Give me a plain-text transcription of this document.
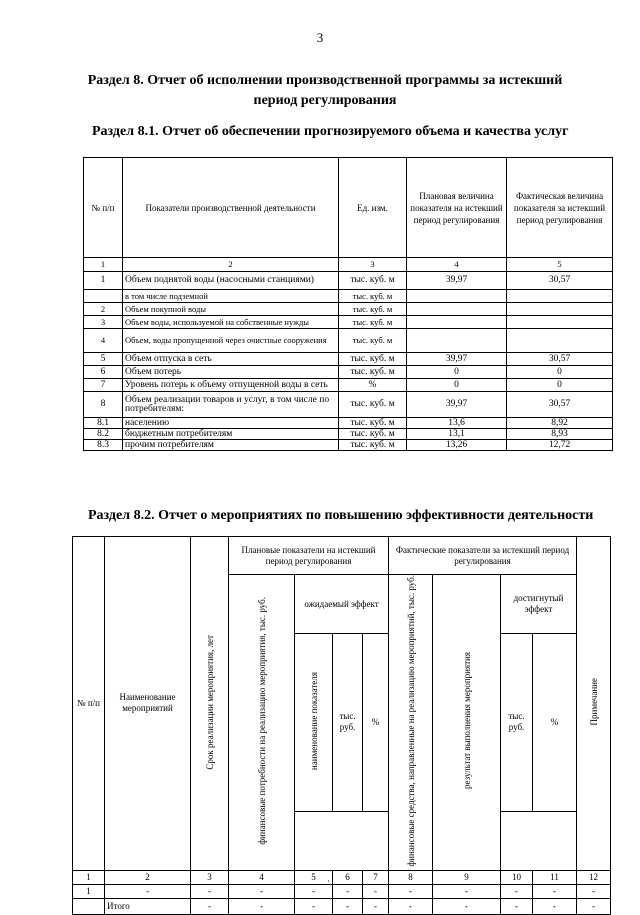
3
Раздел 8. Отчет об исполнении производственной программы за истекший период регулирования
Раздел 8.1. Отчет об обеспечении прогнозируемого объема и качества услуг
№ п/п	Показатели производственной деятельности	Ед. изм.	Плановая величина показателя на истекший период регулирования	Фактическая величина показателя за истекший период регулирования
1	2	3	4	5
1	Объем поднятой воды (насосными станциями)	тыс. куб. м	39,97	30,57
	в том числе подземной	тыс. куб. м		
2	Объем покупной воды	тыс. куб. м		
3	Объем воды, используемой на собственные нужды	тыс. куб. м		
4	Объем, воды пропущенной через очистные сооружения	тыс. куб. м		
5	Объем отпуска в сеть	тыс. куб. м	39,97	30,57
6	Объем потерь	тыс. куб. м	0	0
7	Уровень потерь к объему отпущенной воды в сеть	%	0	0
8	Объем реализации товаров и услуг, в том числе по потребителям:	тыс. куб. м	39,97	30,57
8.1	населению	тыс. куб. м	13,6	8,92
8.2	бюджетным потребителям	тыс. куб. м	13,1	8,93
8.3	прочим потребителям	тыс. куб. м	13,26	12,72
Раздел 8.2. Отчет о мероприятиях по повышению эффективности деятельности
№ п/п	Наименование мероприятий	Срок реализации мероприятия, лет	Плановые показатели на истекший период регулирования				Фактические показатели за истекший период регулирования				Примечание
			финансовые потребности на реализацию мероприятия, тыс. руб.	ожидаемый эффект			финансовые средства, направленные на реализацию мероприятий, тыс. руб.	результат выполнения мероприятия	достигнутый эффект		
				наименование показателя	тыс. руб.	%			тыс. руб.	%	

1	2	3	4	5	6	7	8	9	10	11	12
1	-	-	-	-	-	-	-	-	-	-	-
	Итого	-	-	-	-	-	-	-	-	-	-
